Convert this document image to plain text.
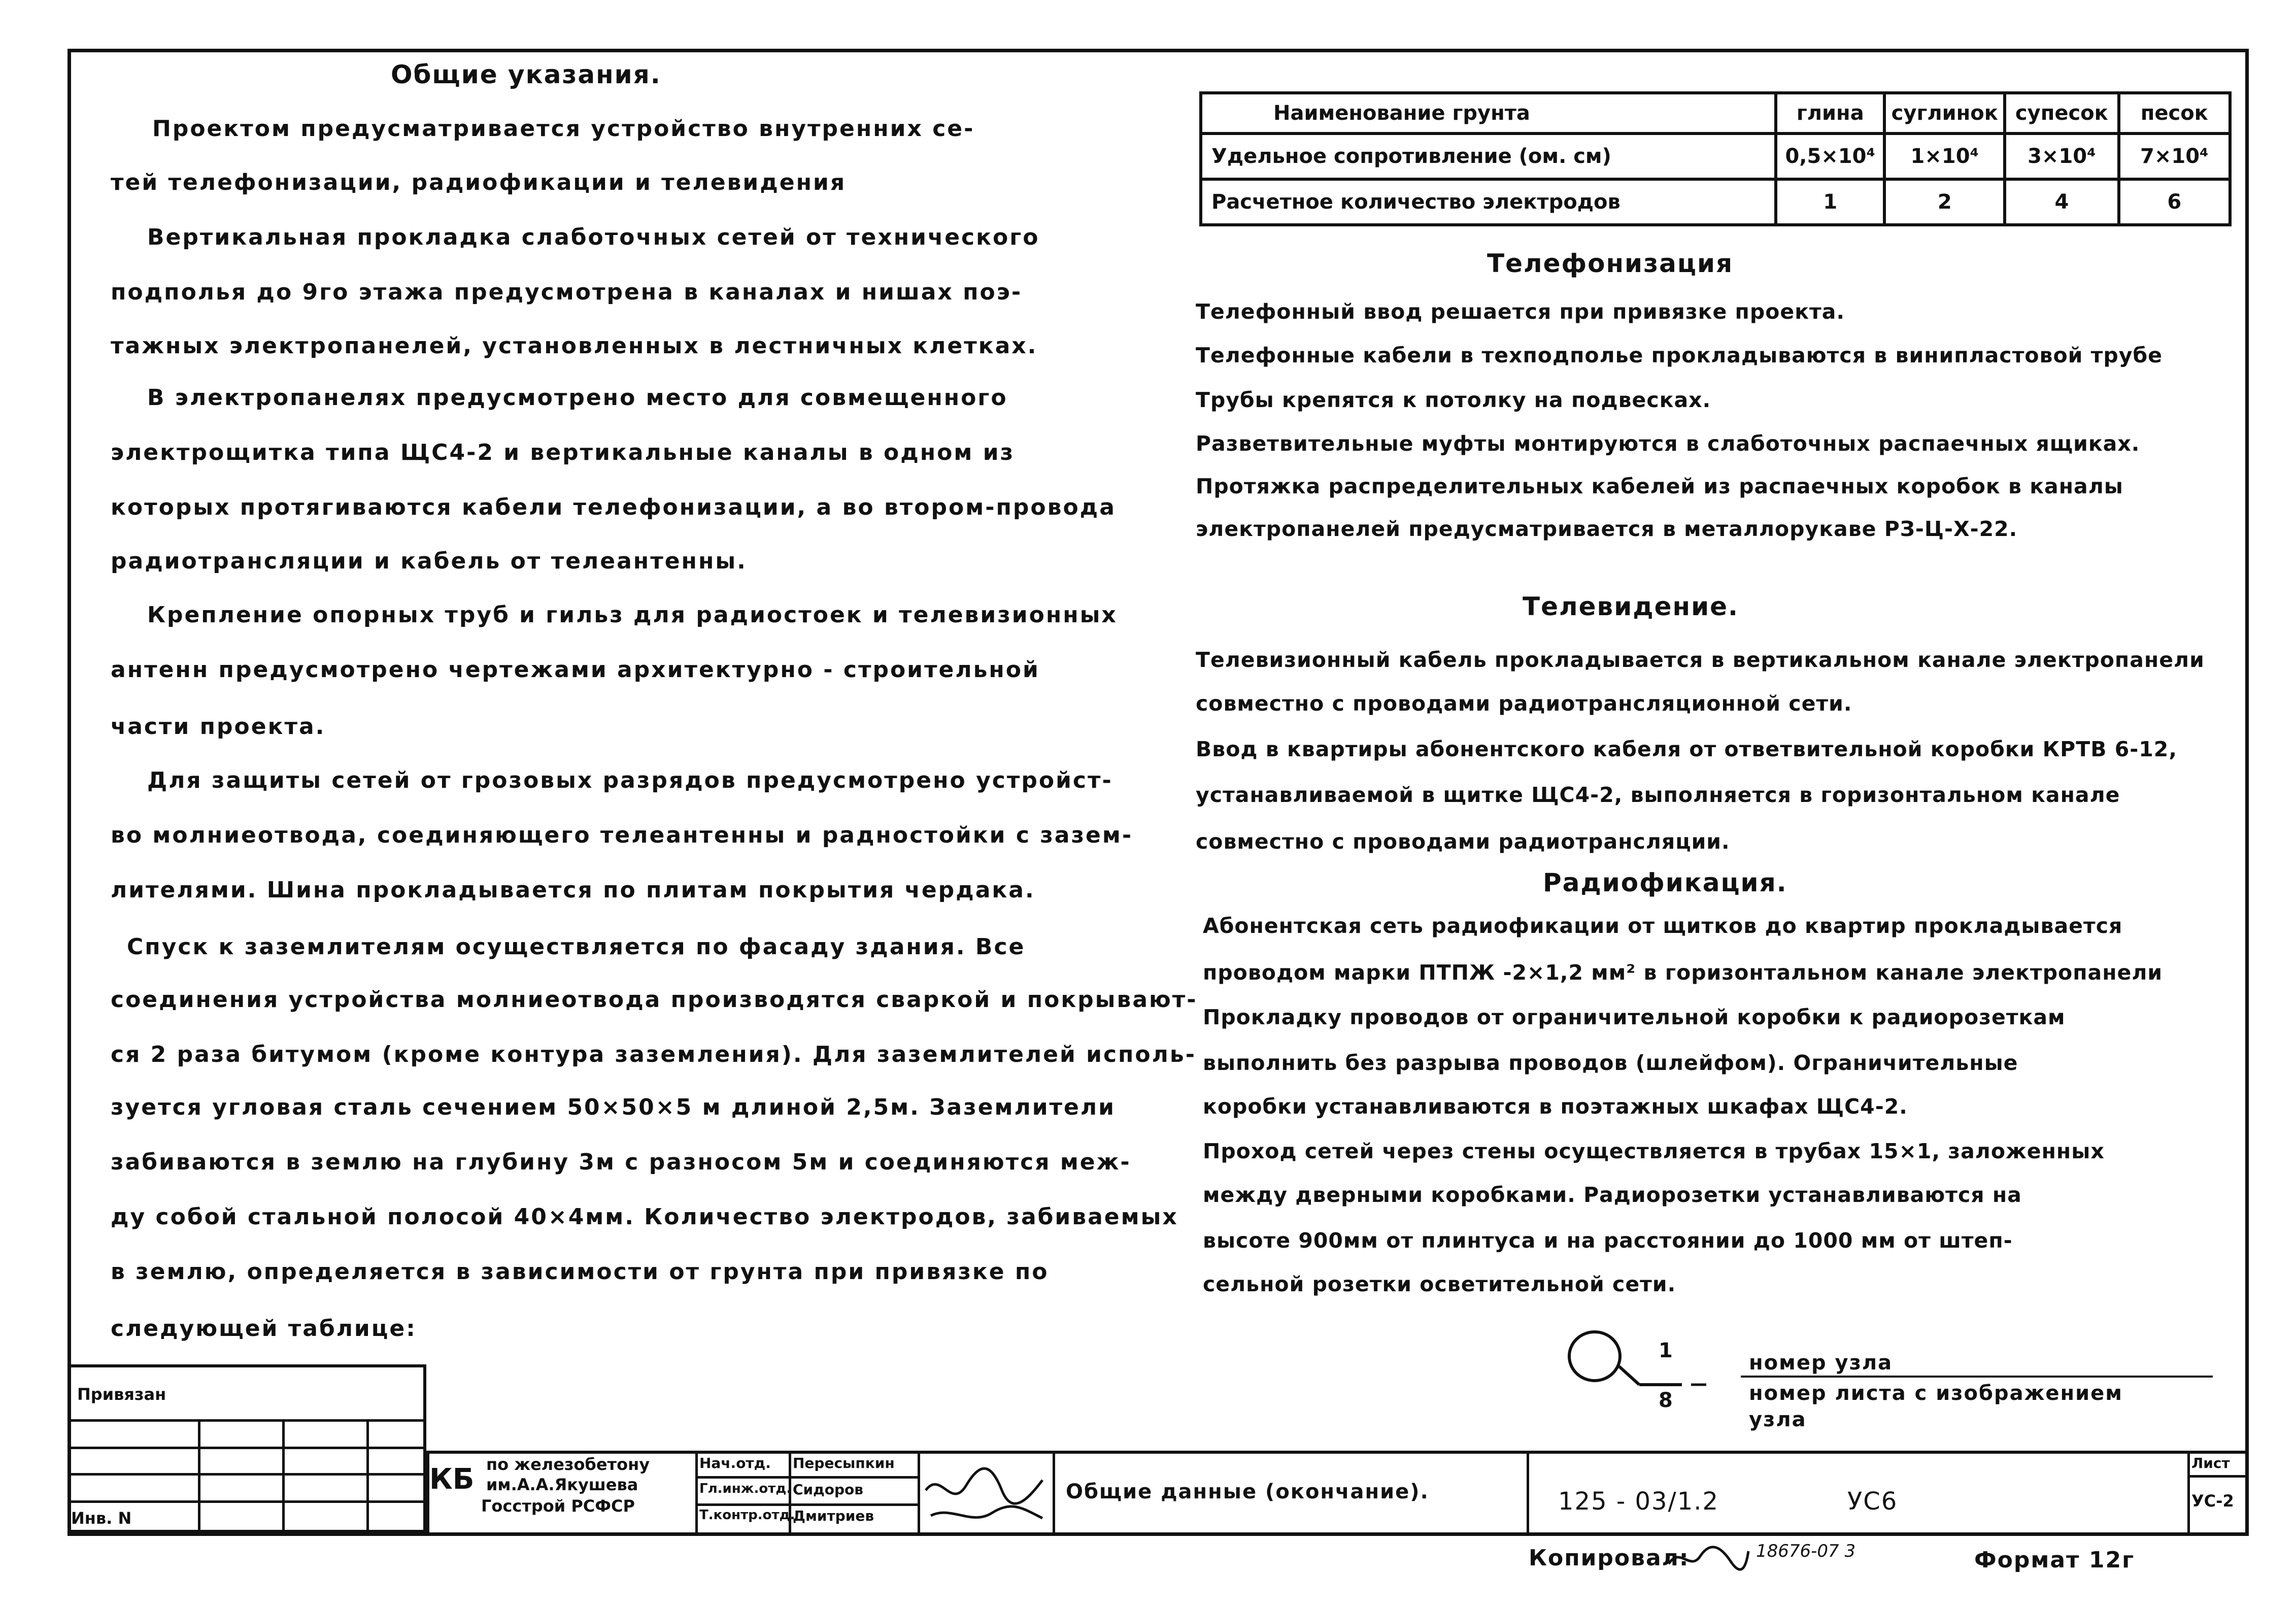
Общие указания.
Проектом предусматривается устройство внутренних се-
тей телефонизации, радиофикации и телевидения
Вертикальная прокладка слаботочных сетей от технического
подполья до 9го этажа предусмотрена в каналах и нишах поэ-
тажных электропанелей, установленных в лестничных клетках.
В электропанелях предусмотрено место для совмещенного
электрощитка типа ЩС4-2 и вертикальные каналы в одном из
которых протягиваются кабели телефонизации, а во втором-провода
радиотрансляции и кабель от телеантенны.
Крепление опорных труб и гильз для радиостоек и телевизионных
антенн предусмотрено чертежами архитектурно - строительной
части проекта.
Для защиты сетей от грозовых разрядов предусмотрено устройст-
во молниеотвода, соединяющего телеантенны и радностойки с зазем-
лителями. Шина прокладывается по плитам покрытия чердака.
Спуск к заземлителям осуществляется по фасаду здания. Все
соединения устройства молниеотвода производятся сваркой и покрывают-
ся 2 раза битумом (кроме контура заземления). Для заземлителей исполь-
зуется угловая сталь сечением 50×50×5 м длиной 2,5м. Заземлители
забиваются в землю на глубину 3м с разносом 5м и соединяются меж-
ду собой стальной полосой 40×4мм. Количество электродов, забиваемых
в землю, определяется в зависимости от грунта при привязке по
следующей таблице:
Наименование грунта	глина	суглинок	супесок	песок
Удельное сопротивление (ом. см)	0,5×10⁴	1×10⁴	3×10⁴	7×10⁴
Расчетное количество электродов	1	2	4	6
Телефонизация
Телефонный ввод решается при привязке проекта.
Телефонные кабели в техподполье прокладываются в винипластовой трубе
Трубы крепятся к потолку на подвесках.
Разветвительные муфты монтируются в слаботочных распаечных ящиках.
Протяжка распределительных кабелей из распаечных коробок в каналы
электропанелей предусматривается в металлорукаве РЗ-Ц-Х-22.
Телевидение.
Телевизионный кабель прокладывается в вертикальном канале электропанели
совместно с проводами радиотрансляционной сети.
Ввод в квартиры абонентского кабеля от ответвительной коробки КРТВ 6-12,
устанавливаемой в щитке ЩС4-2, выполняется в горизонтальном канале
совместно с проводами радиотрансляции.
Радиофикация.
Абонентская сеть радиофикации от щитков до квартир прокладывается
проводом марки ПТПЖ -2×1,2 мм² в горизонтальном канале электропанели
Прокладку проводов от ограничительной коробки к радиорозеткам
выполнить без разрыва проводов (шлейфом). Ограничительные
коробки устанавливаются в поэтажных шкафах ЩС4-2.
Проход сетей через стены осуществляется в трубах 15×1, заложенных
между дверными коробками. Радиорозетки устанавливаются на
высоте 900мм от плинтуса и на расстоянии до 1000 мм от штеп-
сельной розетки осветительной сети.
1
8
номер узла
номер листа с изображением
узла
Привязан
Инв. N
КБ по железобетону
им.А.А.Якушева
Госстрой РСФСР
Нач.отд.
Гл.инж.отд.
Т.контр.отд.
Пересыпкин
Сидоров
Дмитриев
Общие данные (окончание).	125 - 03/1.2	УС6
Лист
УС-2
Копировал:	18676-07 3	Формат 12г
